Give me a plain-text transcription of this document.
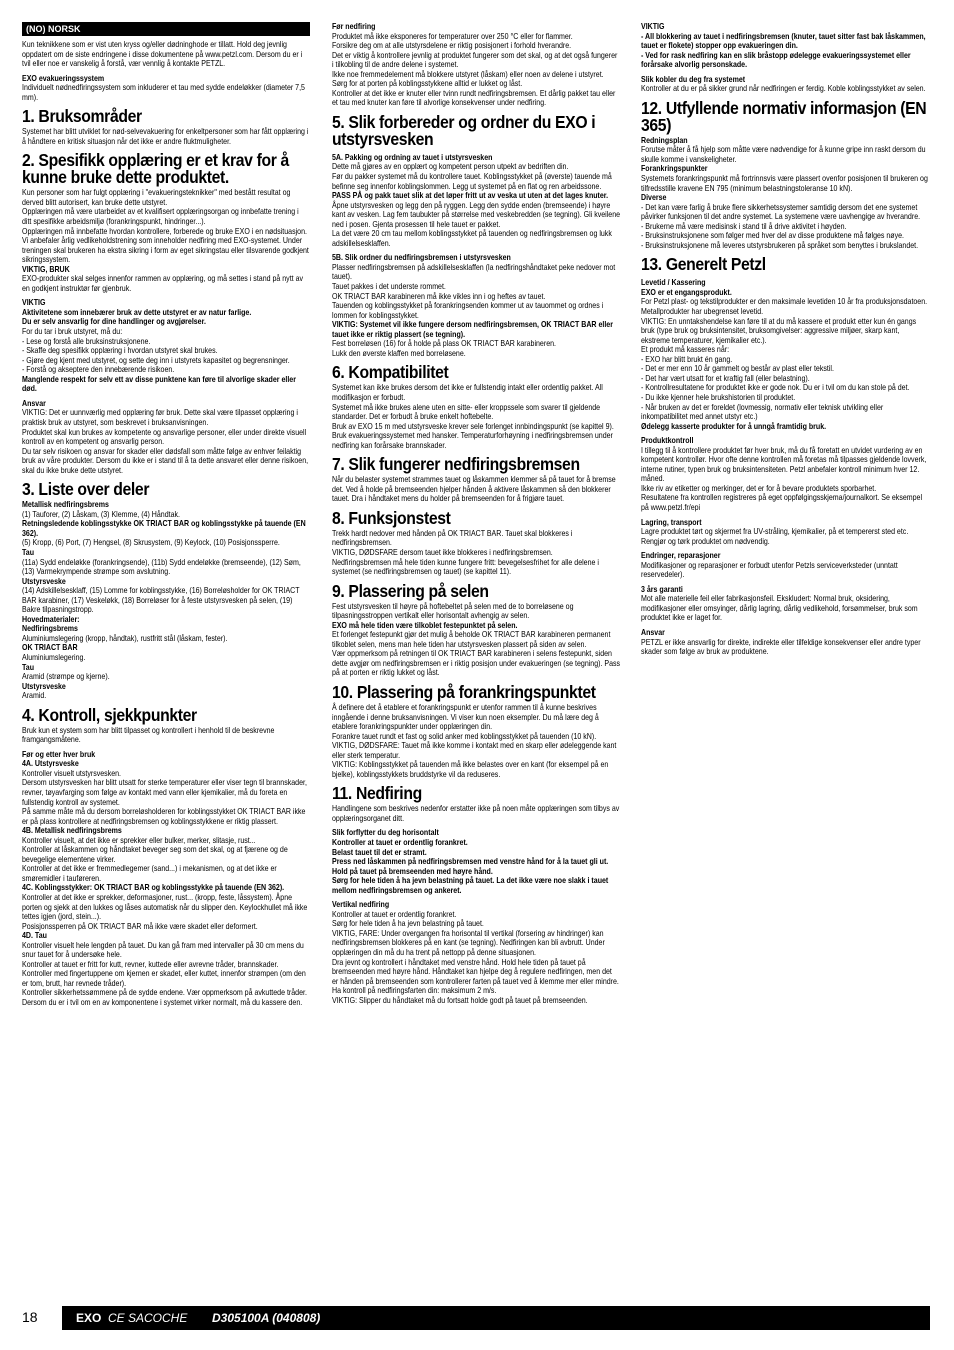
(NO) NORSK
Kun teknikkene som er vist uten kryss og/eller dødninghode er tillatt. Hold deg jevnlig oppdatert om de siste endringene i disse dokumentene på www.petzl.com. Dersom du er i tvil eller noe er vanskelig å forstå, vær vennlig å kontakte PETZL.
EXO evakueringssystem
Individuelt nødnedfiringssystem som inkluderer et tau med sydde endeløkker (diameter 7,5 mm).
1. Bruksområder
Systemet har blitt utviklet for nød-selvevakuering for enkeltpersoner som har fått opplæring i å håndtere en kritisk situasjon når det ikke er andre fluktmuligheter.
2. Spesifikk opplæring er et krav for å kunne bruke dette produktet.
Kun personer som har fulgt opplæring i "evakueringsteknikker" med bestått resultat og derved blitt autorisert, kan bruke dette utstyret.
Opplæringen må være utarbeidet av et kvalifisert opplæringsorgan og innbefatte trening i ditt spesifikke arbeidsmiljø (forankringspunkt, hindringer...).
Opplæringen må innbefatte hvordan kontrollere, forberede og bruke EXO i en nødsituasjon.
Vi anbefaler årlig vedlikeholdstrening som inneholder nedfiring med EXO-systemet. Under treningen skal brukeren ha ekstra sikring i form av eget sikringstau eller tilsvarende godkjent sikringssystem.
VIKTIG, BRUK
EXO-produkter skal selges innenfor rammen av opplæring, og må settes i stand på nytt av en godkjent instruktør før gjenbruk.
VIKTIG
Aktivitetene som innebærer bruk av dette utstyret er av natur farlige.
Du er selv ansvarlig for dine handlinger og avgjørelser.
For du tar i bruk utstyret, må du:
- Lese og forstå alle bruksinstruksjonene.
- Skaffe deg spesifikk opplæring i hvordan utstyret skal brukes.
- Gjøre deg kjent med utstyret, og sette deg inn i utstyrets kapasitet og begrensninger.
- Forstå og akseptere den innebærende risikoen.
Manglende respekt for selv ett av disse punktene kan føre til alvorlige skader eller død.
Ansvar
VIKTIG: Det er uunnværlig med opplæring før bruk. Dette skal være tilpasset opplæring i praktisk bruk av utstyret, som beskrevet i bruksanvisningen.
Produktet skal kun brukes av kompetente og ansvarlige personer, eller under direkte visuell kontroll av en kompetent og ansvarlig person.
Du tar selv risikoen og ansvar for skader eller dødsfall som måtte følge av enhver feilaktig bruk av våre produkter. Dersom du ikke er i stand til å ta dette ansvaret eller denne risikoen, skal du ikke bruke dette utstyret.
3. Liste over deler
Metallisk nedfiringsbrems
(1) Tauforer, (2) Låskam, (3) Klemme, (4) Håndtak.
Retningsledende koblingsstykke OK TRIACT BAR og koblingsstykke på tauende (EN 362).
(5) Kropp, (6) Port, (7) Hengsel, (8) Skrusystem, (9) Keylock, (10) Posisjonssperre.
Tau
(11a) Sydd endeløkke (forankringsende), (11b) Sydd endeløkke (bremseende), (12) Søm, (13) Varmekrympende strømpe som avslutning.
Utstyrsveske
(14) Adskillelsesklaff, (15) Lomme for koblingsstykke, (16) Borreløsholder for OK TRIACT BAR karabiner, (17) Veskeløkk, (18) Borreløser for å feste utstyrsvesken på selen, (19) Bakre tilpasningstropp.
Hovedmaterialer:
Nedfiringsbrems
Aluminiumslegering (kropp, håndtak), rustfritt stål (låskam, fester).
OK TRIACT BAR
Aluminiumslegering.
Tau
Aramid (strømpe og kjerne).
Utstyrsveske
Aramid.
4. Kontroll, sjekkpunkter
Bruk kun et system som har blitt tilpasset og kontrollert i henhold til de beskrevne framgangsmåtene.
Før og etter hver bruk
4A. Utstyrsveske
Kontroller visuelt utstyrsvesken.
Dersom utstyrsvesken har blitt utsatt for sterke temperaturer eller viser tegn til brannskader, revner, tøyavfarging som følge av kontakt med vann eller kjemikalier, må du foreta en fullstendig kontroll av systemet.
På samme måte må du dersom borreløsholderen for koblingsstykket OK TRIACT BAR ikke er på plass kontrollere at nedfiringsbremsen og koblingsstykkene er riktig plassert.
4B. Metallisk nedfiringsbrems
Kontroller visuelt, at det ikke er sprekker eller bulker, merker, slitasje, rust...
Kontroller at låskammen og håndtaket beveger seg som det skal, og at fjærene og de bevegelige elementene virker.
Kontroller at det ikke er fremmedlegemer (sand...) i mekanismen, og at det ikke er smøremidler i tauføreren.
4C. Koblingsstykker: OK TRIACT BAR og koblingsstykke på tauende (EN 362).
Kontroller at det ikke er sprekker, deformasjoner, rust... (kropp, feste, låssystem). Åpne porten og sjekk at den lukkes og låses automatisk når du slipper den. Keylockhullet må ikke tettes igjen (jord, stein...).
Posisjonssperren på OK TRIACT BAR må ikke være skadet eller deformert.
4D. Tau
Kontroller visuelt hele lengden på tauet. Du kan gå fram med intervaller på 30 cm mens du snur tauet for å undersøke hele.
Kontroller at tauet er fritt for kutt, revner, kuttede eller avrevne tråder, brannskader.
Kontroller med fingertuppene om kjernen er skadet, eller kuttet, innenfor strømpen (om den er tom, brutt, har revnede tråder).
Kontroller sikkerhetssømmene på de sydde endene. Vær oppmerksom på avkuttede tråder.
Dersom du er i tvil om en av komponentene i systemet virker normalt, må du kassere den.
Før nedfiring
Produktet må ikke eksponeres for temperaturer over 250 °C eller for flammer.
Forsikre deg om at alle utstyrsdelene er riktig posisjonert i forhold hverandre.
Det er viktig å kontrollere jevnlig at produktet fungerer som det skal, og at det også fungerer i tilkobling til de andre delene i systemet.
Ikke noe fremmedelement må blokkere utstyret (låskam) eller noen av delene i utstyret.
Sørg for at porten på koblingsstykkene alltid er lukket og låst.
Kontroller at det ikke er knuter eller tvinn rundt nedfiringsbremsen. Et dårlig pakket tau eller et tau med knuter kan føre til alvorlige konsekvenser under nedfiring.
5. Slik forbereder og ordner du EXO i utstyrsvesken
5A. Pakking og ordning av tauet i utstyrsvesken
Dette må gjøres av en opplært og kompetent person utpekt av bedriften din.
Før du pakker systemet må du kontrollere tauet. Koblingsstykket på (øverste) tauende må befinne seg innenfor koblingslommen. Legg ut systemet på en flat og ren arbeidssone.
PASS PÅ og pakk tauet slik at det løper fritt ut av veska ut uten at det lages knuter.
Åpne utstyrsvesken og legg den på ryggen. Legg den sydde enden (bremseende) i høyre kant av vesken. Lag fem taubukter på størrelse med veskebredden (se tegning). Gli kveilene ned i posen. Gjenta prosessen til hele tauet er pakket.
La det være 20 cm tau mellom koblingsstykket på tauenden og nedfiringsbremsen og lukk adskillelsesklaffen.
5B. Slik ordner du nedfiringsbremsen i utstyrsvesken
Plasser nedfiringsbremsen på adskillelsesklaffen (la nedfiringshåndtaket peke nedover mot tauet).
Tauet pakkes i det underste rommet.
OK TRIACT BAR karabineren må ikke vikles inn i og heftes av tauet.
Tauenden og koblingsstykket på forankringsenden kommer ut av tauommet og ordnes i lommen for koblingsstykket.
VIKTIG: Systemet vil ikke fungere dersom nedfiringsbremsen, OK TRIACT BAR eller tauet ikke er riktig plassert (se tegning).
Fest borreløsen (16) for å holde på plass OK TRIACT BAR karabineren.
Lukk den øverste klaffen med borreløsene.
6. Kompatibilitet
Systemet kan ikke brukes dersom det ikke er fullstendig intakt eller ordentlig pakket. All modifikasjon er forbudt.
Systemet må ikke brukes alene uten en sitte- eller kroppssele som svarer til gjeldende standarder. Det er forbudt å bruke enkelt hoftebelte.
Bruk av EXO 15 m med utstyrsveske krever sele forlenget innbindingspunkt (se kapittel 9).
Bruk evakueringssystemet med hansker. Temperaturforhøyning i nedfiringsbremsen under nedfiring kan forårsake brannskader.
7. Slik fungerer nedfiringsbremsen
Når du belaster systemet strammes tauet og låskammen klemmer så på tauet for å bremse det. Ved å holde på bremseenden hjelper hånden å aktivere låskammen så den blokkerer tauet. Dra i håndtaket mens du holder på bremseenden for å frigjøre tauet.
8. Funksjonstest
Trekk hardt nedover med hånden på OK TRIACT BAR. Tauet skal blokkeres i nedfiringsbremsen.
VIKTIG, DØDSFARE dersom tauet ikke blokkeres i nedfiringsbremsen.
Nedfiringsbremsen må hele tiden kunne fungere fritt: bevegelsesfrihet for alle delene i systemet (se nedfiringsbremsen og tauet) (se kapittel 11).
9. Plassering på selen
Fest utstyrsvesken til høyre på hoftebeltet på selen med de to borreløsene og tilpasningsstroppen vertikalt eller horisontalt avhengig av selen.
EXO må hele tiden være tilkoblet festepunktet på selen.
Et forlenget festepunkt gjør det mulig å beholde OK TRIACT BAR karabineren permanent tilkoblet selen, mens man hele tiden har utstyrsvesken plassert på siden av selen.
Vær oppmerksom på retningen til OK TRIACT BAR karabineren i selens festepunkt, siden dette avgjør om nedfiringsbremsen er i riktig posisjon under evakueringen (se tegning). Pass på at porten er riktig lukket og låst.
10. Plassering på forankringspunktet
Å definere det å etablere et forankringspunkt er utenfor rammen til å kunne beskrives inngående i denne bruksanvisningen. Vi viser kun noen eksempler. Du må lære deg å etablere forankringspunkter under opplæringen din.
Forankre tauet rundt et fast og solid anker med koblingsstykket på tauenden (10 kN).
VIKTIG, DØDSFARE: Tauet må ikke komme i kontakt med en skarp eller ødeleggende kant eller sterk temperatur.
VIKTIG: Koblingsstykket på tauenden må ikke belastes over en kant (for eksempel på en bjelke), koblingsstykkets bruddstyrke vil da reduseres.
11. Nedfiring
Handlingene som beskrives nedenfor erstatter ikke på noen måte opplæringen som tilbys av opplæringsorganet ditt.
Slik forflytter du deg horisontalt
Kontroller at tauet er ordentlig forankret.
Belast tauet til det er stramt.
Press ned låskammen på nedfiringsbremsen med venstre hånd for å la tauet gli ut. Hold på tauet på bremseenden med høyre hånd.
Sørg for hele tiden å ha jevn belastning på tauet. La det ikke være noe slakk i tauet mellom nedfiringsbremsen og ankeret.
Vertikal nedfiring
Kontroller at tauet er ordentlig forankret.
Sørg for hele tiden å ha jevn belastning på tauet.
VIKTIG, FARE: Under overgangen fra horisontal til vertikal (forsering av hindringer) kan nedfiringsbremsen blokkeres på en kant (se tegning). Nedfiringen kan bli avbrutt. Under opplæringen din må du ha trent på nettopp på denne situasjonen.
Dra jevnt og kontrollert i håndtaket med venstre hånd. Hold hele tiden på tauet på bremseenden med høyre hånd. Håndtaket kan hjelpe deg å regulere nedfiringen, men det er hånden på bremseenden som kontrollerer farten på tauet ved å klemme mer eller mindre.
Ha kontroll på nedfiringsfarten din: maksimum 2 m/s.
VIKTIG: Slipper du håndtaket må du fortsatt holde godt på tauet på bremseenden.
VIKTIG
- All blokkering av tauet i nedfiringsbremsen (knuter, tauet sitter fast bak låskammen, tauet er flokete) stopper opp evakueringen din.
- Ved for rask nedfiring kan en slik bråstopp ødelegge evakueringssystemet eller forårsake alvorlig personskade.
Slik kobler du deg fra systemet
Kontroller at du er på sikker grund når nedfiringen er ferdig. Koble koblingsstykket av selen.
12. Utfyllende normativ informasjon (EN 365)
Redningsplan
Forutse måter å få hjelp som måtte være nødvendige for å kunne gripe inn raskt dersom du skulle komme i vanskeligheter.
Forankringspunkter
Systemets forankringspunkt må fortrinnsvis være plassert ovenfor posisjonen til brukeren og tilfredsstille kravene EN 795 (minimum belastningstoleranse 10 kN).
Diverse
- Det kan være farlig å bruke flere sikkerhetssystemer samtidig dersom det ene systemet påvirker funksjonen til det andre systemet. La systemene være uavhengige av hverandre.
- Brukerne må være medisinsk i stand til å drive aktivitet i høyden.
- Bruksinstruksjonene som følger med hver del av disse produktene må følges nøye.
- Bruksinstruksjonene må leveres utstyrsbrukeren på språket som benyttes i brukslandet.
13. Generelt Petzl
Levetid / Kassering
EXO er et engangsprodukt.
For Petzl plast- og tekstilprodukter er den maksimale levetiden 10 år fra produksjonsdatoen. Metallprodukter har ubegrenset levetid.
VIKTIG: En unntakshendelse kan føre til at du må kassere et produkt etter kun én gangs bruk (type bruk og bruksintensitet, bruksomgivelser: aggressive miljøer, skarp kant, ekstreme temperaturer, kjemikalier etc.).
Et produkt må kasseres når:
- EXO har blitt brukt én gang.
- Det er mer enn 10 år gammelt og består av plast eller tekstil.
- Det har vært utsatt for et kraftig fall (eller belastning).
- Kontrollresultatene for produktet ikke er gode nok. Du er i tvil om du kan stole på det.
- Du ikke kjenner hele brukshistorien til produktet.
- Når bruken av det er foreldet (lovmessig, normativ eller teknisk utvikling eller inkompatibilitet med annet utstyr etc.)
Ødelegg kasserte produkter for å unngå framtidig bruk.
Produktkontroll
I tillegg til å kontrollere produktet før hver bruk, må du få foretatt en utvidet vurdering av en kompetent kontrollør. Hvor ofte denne kontrollen må foretas må tilpasses gjeldende lovverk, interne rutiner, typen bruk og bruksintensiteten. Petzl anbefaler kontroll minimum hver 12. måned.
Ikke riv av etiketter og merkinger, det er for å bevare produktets sporbarhet.
Resultatene fra kontrollen registreres på eget oppfølgingsskjema/journalkort. Se eksempel på www.petzl.fr/epi
Lagring, transport
Lagre produktet tørt og skjermet fra UV-stråling, kjemikalier, på et tempererst sted etc. Rengjør og tørk produktet om nødvendig.
Endringer, reparasjoner
Modifikasjoner og reparasjoner er forbudt utenfor Petzls serviceverksteder (unntatt reservedeler).
3 års garanti
Mot alle materielle feil eller fabrikasjonsfeil. Ekskludert: Normal bruk, oksidering, modifikasjoner eller omsyinger, dårlig lagring, dårlig vedlikehold, forsømmelser, bruk som produktet ikke er laget for.
Ansvar
PETZL er ikke ansvarlig for direkte, indirekte eller tilfeldige konsekvenser eller andre typer skader som følge av bruk av produktene.
18	EXO CE SACOCHE D305100A (040808)
